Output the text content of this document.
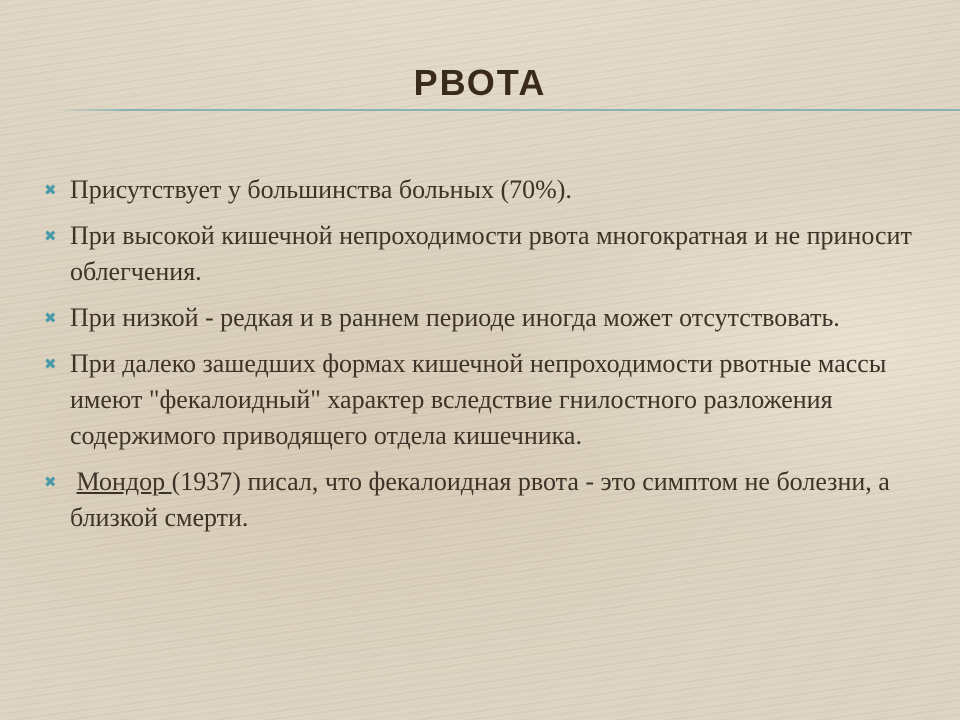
РВОТА
✖ Присутствует у большинства больных (70%).
✖ При высокой кишечной непроходимости рвота многократная и не приносит облегчения.
✖ При низкой - редкая и в раннем периоде иногда может отсутствовать.
✖ При далеко зашедших формах кишечной непроходимости рвотные массы имеют "фекалоидный" характер вследствие гнилостного разложения содержимого приводящего отдела кишечника.
✖ Мондор (1937) писал, что фекалоидная рвота - это симптом не болезни, а близкой смерти.
